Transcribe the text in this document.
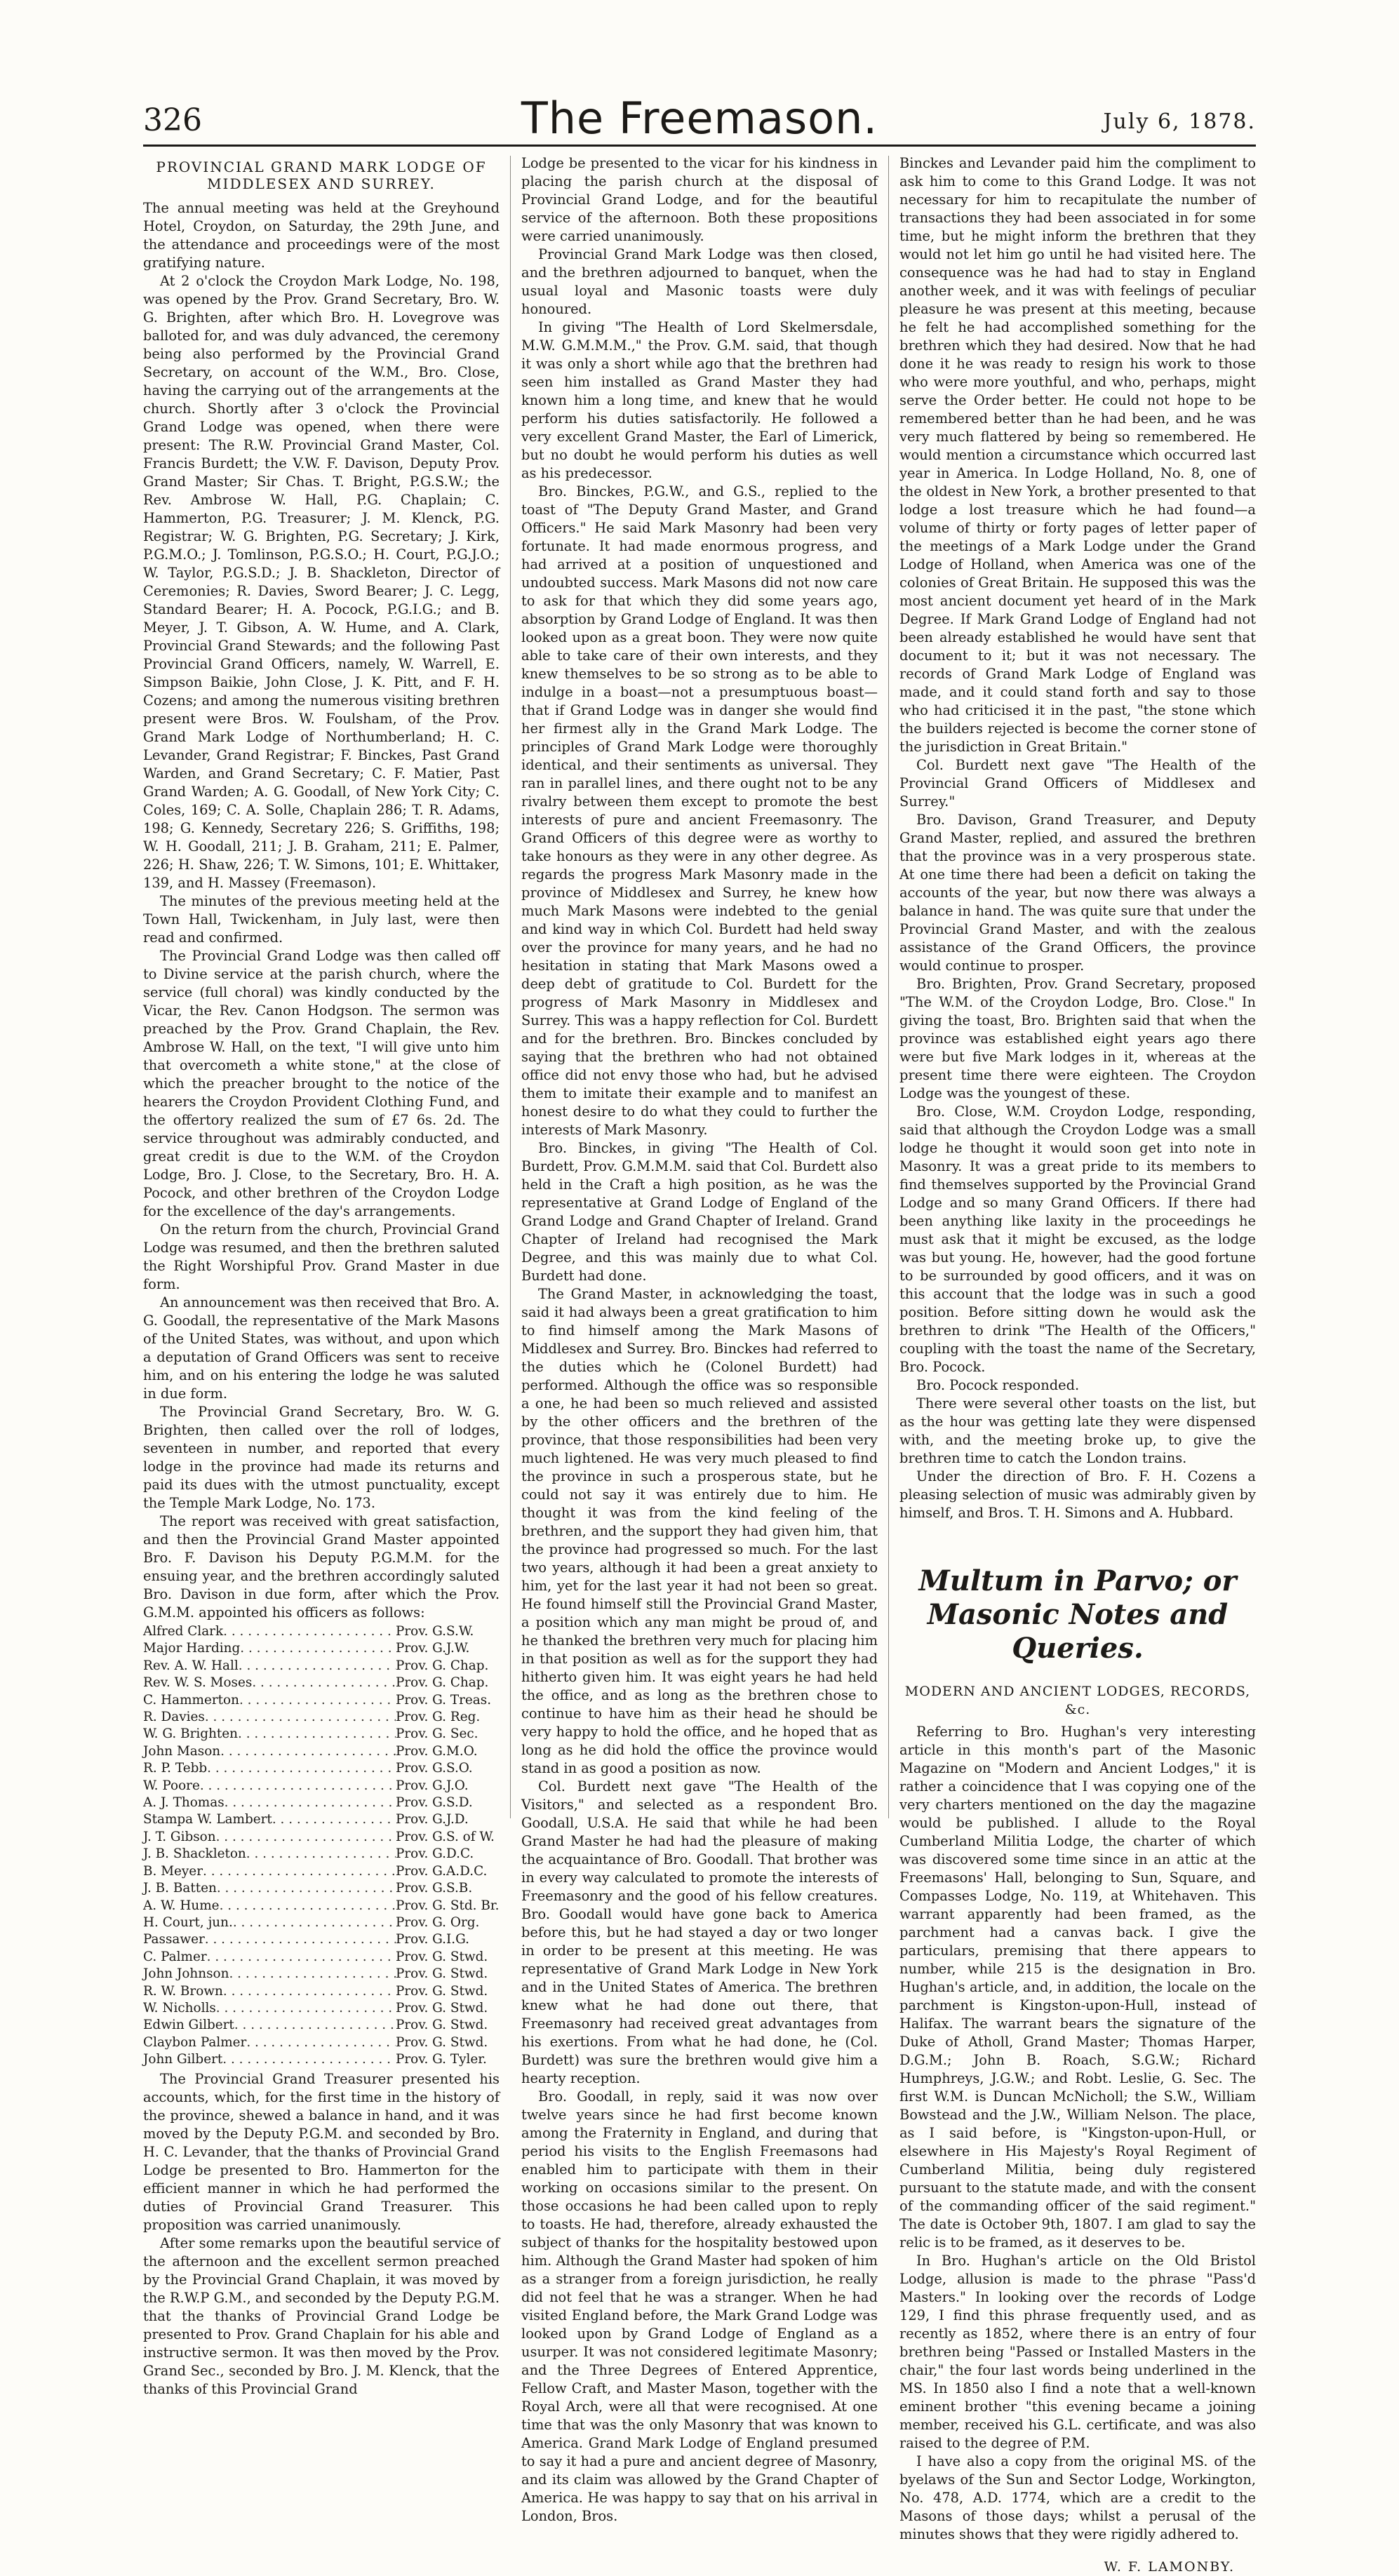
326	The Freemason.	July 6, 1878.
PROVINCIAL GRAND MARK LODGE OF MIDDLESEX AND SURREY.

The annual meeting was held at the Greyhound Hotel, Croydon, on Saturday, the 29th June, and the attendance and proceedings were of the most gratifying nature.

At 2 o'clock the Croydon Mark Lodge, No. 198, was opened by the Prov. Grand Secretary, Bro. W. G. Brighten, after which Bro. H. Lovegrove was balloted for, and was duly advanced, the ceremony being also performed by the Provincial Grand Secretary, on account of the W.M., Bro. Close, having the carrying out of the arrangements at the church. Shortly after 3 o'clock the Provincial Grand Lodge was opened, when there were present: The R.W. Provincial Grand Master, Col. Francis Burdett; the V.W. F. Davison, Deputy Prov. Grand Master; Sir Chas. T. Bright, P.G.S.W.; the Rev. Ambrose W. Hall, P.G. Chaplain; C. Hammerton, P.G. Treasurer; J. M. Klenck, P.G. Registrar; W. G. Brighten, P.G. Secretary; J. Kirk, P.G.M.O.; J. Tomlinson, P.G.S.O.; H. Court, P.G.J.O.; W. Taylor, P.G.S.D.; J. B. Shackleton, Director of Ceremonies; R. Davies, Sword Bearer; J. C. Legg, Standard Bearer; H. A. Pocock, P.G.I.G.; and B. Meyer, J. T. Gibson, A. W. Hume, and A. Clark, Provincial Grand Stewards; and the following Past Provincial Grand Officers, namely, W. Warrell, E. Simpson Baikie, John Close, J. K. Pitt, and F. H. Cozens; and among the numerous visiting brethren present were Bros. W. Foulsham, of the Prov. Grand Mark Lodge of Northumberland; H. C. Levander, Grand Registrar; F. Binckes, Past Grand Warden, and Grand Secretary; C. F. Matier, Past Grand Warden; A. G. Goodall, of New York City; C. Coles, 169; C. A. Solle, Chaplain 286; T. R. Adams, 198; G. Kennedy, Secretary 226; S. Griffiths, 198; W. H. Goodall, 211; J. B. Graham, 211; E. Palmer, 226; H. Shaw, 226; T. W. Simons, 101; E. Whittaker, 139, and H. Massey (Freemason).

The minutes of the previous meeting held at the Town Hall, Twickenham, in July last, were then read and confirmed.

The Provincial Grand Lodge was then called off to Divine service at the parish church, where the service (full choral) was kindly conducted by the Vicar, the Rev. Canon Hodgson. The sermon was preached by the Prov. Grand Chaplain, the Rev. Ambrose W. Hall, on the text, "I will give unto him that overcometh a white stone," at the close of which the preacher brought to the notice of the hearers the Croydon Provident Clothing Fund, and the offertory realized the sum of £7 6s. 2d. The service throughout was admirably conducted, and great credit is due to the W.M. of the Croydon Lodge, Bro. J. Close, to the Secretary, Bro. H. A. Pocock, and other brethren of the Croydon Lodge for the excellence of the day's arrangements.

On the return from the church, Provincial Grand Lodge was resumed, and then the brethren saluted the Right Worshipful Prov. Grand Master in due form.

An announcement was then received that Bro. A. G. Goodall, the representative of the Mark Masons of the United States, was without, and upon which a deputation of Grand Officers was sent to receive him, and on his entering the lodge he was saluted in due form.

The Provincial Grand Secretary, Bro. W. G. Brighten, then called over the roll of lodges, seventeen in number, and reported that every lodge in the province had made its returns and paid its dues with the utmost punctuality, except the Temple Mark Lodge, No. 173.

The report was received with great satisfaction, and then the Provincial Grand Master appointed Bro. F. Davison his Deputy P.G.M.M. for the ensuing year, and the brethren accordingly saluted Bro. Davison in due form, after which the Prov. G.M.M. appointed his officers as follows:

Alfred Clark . . .	Prov. G.S.W.
Major Harding . . .	Prov. G.J.W.
Rev. A. W. Hall . . .	Prov. G. Chap.
Rev. W. S. Moses . . .	Prov. G. Chap.
C. Hammerton . . .	Prov. G. Treas.
R. Davies . . .	Prov. G. Reg.
W. G. Brighten . . .	Prov. G. Sec.
John Mason . . .	Prov. G.M.O.
R. P. Tebb . . .	Prov. G.S.O.
W. Poore . . .	Prov. G.J.O.
A. J. Thomas . . .	Prov. G.S.D.
Stampa W. Lambert . . .	Prov. G.J.D.
J. T. Gibson . . .	Prov. G.S. of W.
J. B. Shackleton . . .	Prov. G.D.C.
B. Meyer . . .	Prov. G.A.D.C.
J. B. Batten . . .	Prov. G.S.B.
A. W. Hume . . .	Prov. G. Std. Br.
H. Court, jun. . . .	Prov. G. Org.
Passawer . . .	Prov. G.I.G.
C. Palmer . . .	Prov. G. Stwd.
John Johnson . . .	Prov. G. Stwd.
R. W. Brown . . .	Prov. G. Stwd.
W. Nicholls . . .	Prov. G. Stwd.
Edwin Gilbert . . .	Prov. G. Stwd.
Claybon Palmer . . .	Prov. G. Stwd.
John Gilbert . . .	Prov. G. Tyler.

The Provincial Grand Treasurer presented his accounts, which, for the first time in the history of the province, shewed a balance in hand, and it was moved by the Deputy P.G.M. and seconded by Bro. H. C. Levander, that the thanks of Provincial Grand Lodge be presented to Bro. Hammerton for the efficient manner in which he had performed the duties of Provincial Grand Treasurer. This proposition was carried unanimously.

After some remarks upon the beautiful service of the afternoon and the excellent sermon preached by the Provincial Grand Chaplain, it was moved by the R.W.P G.M., and seconded by the Deputy P.G.M. that the thanks of Provincial Grand Lodge be presented to Prov. Grand Chaplain for his able and instructive sermon. It was then moved by the Prov. Grand Sec., seconded by Bro. J. M. Klenck, that the thanks of this Provincial Grand

Lodge be presented to the vicar for his kindness in placing the parish church at the disposal of Provincial Grand Lodge, and for the beautiful service of the afternoon. Both these propositions were carried unanimously.

Provincial Grand Mark Lodge was then closed, and the brethren adjourned to banquet, when the usual loyal and Masonic toasts were duly honoured.

In giving "The Health of Lord Skelmersdale, M.W. G.M.M.M.," the Prov. G.M. said, that though it was only a short while ago that the brethren had seen him installed as Grand Master they had known him a long time, and knew that he would perform his duties satisfactorily. He followed a very excellent Grand Master, the Earl of Limerick, but no doubt he would perform his duties as well as his predecessor.

Bro. Binckes, P.G.W., and G.S., replied to the toast of "The Deputy Grand Master, and Grand Officers." He said Mark Masonry had been very fortunate. It had made enormous progress, and had arrived at a position of unquestioned and undoubted success. Mark Masons did not now care to ask for that which they did some years ago, absorption by Grand Lodge of England. It was then looked upon as a great boon. They were now quite able to take care of their own interests, and they knew themselves to be so strong as to be able to indulge in a boast—not a presumptuous boast—that if Grand Lodge was in danger she would find her firmest ally in the Grand Mark Lodge. The principles of Grand Mark Lodge were thoroughly identical, and their sentiments as universal. They ran in parallel lines, and there ought not to be any rivalry between them except to promote the best interests of pure and ancient Freemasonry. The Grand Officers of this degree were as worthy to take honours as they were in any other degree. As regards the progress Mark Masonry made in the province of Middlesex and Surrey, he knew how much Mark Masons were indebted to the genial and kind way in which Col. Burdett had held sway over the province for many years, and he had no hesitation in stating that Mark Masons owed a deep debt of gratitude to Col. Burdett for the progress of Mark Masonry in Middlesex and Surrey. This was a happy reflection for Col. Burdett and for the brethren. Bro. Binckes concluded by saying that the brethren who had not obtained office did not envy those who had, but he advised them to imitate their example and to manifest an honest desire to do what they could to further the interests of Mark Masonry.

Bro. Binckes, in giving "The Health of Col. Burdett, Prov. G.M.M.M. said that Col. Burdett also held in the Craft a high position, as he was the representative at Grand Lodge of England of the Grand Lodge and Grand Chapter of Ireland. Grand Chapter of Ireland had recognised the Mark Degree, and this was mainly due to what Col. Burdett had done.

The Grand Master, in acknowledging the toast, said it had always been a great gratification to him to find himself among the Mark Masons of Middlesex and Surrey. Bro. Binckes had referred to the duties which he (Colonel Burdett) had performed. Although the office was so responsible a one, he had been so much relieved and assisted by the other officers and the brethren of the province, that those responsibilities had been very much lightened. He was very much pleased to find the province in such a prosperous state, but he could not say it was entirely due to him. He thought it was from the kind feeling of the brethren, and the support they had given him, that the province had progressed so much. For the last two years, although it had been a great anxiety to him, yet for the last year it had not been so great. He found himself still the Provincial Grand Master, a position which any man might be proud of, and he thanked the brethren very much for placing him in that position as well as for the support they had hitherto given him. It was eight years he had held the office, and as long as the brethren chose to continue to have him as their head he should be very happy to hold the office, and he hoped that as long as he did hold the office the province would stand in as good a position as now.

Col. Burdett next gave "The Health of the Visitors," and selected as a respondent Bro. Goodall, U.S.A. He said that while he had been Grand Master he had had the pleasure of making the acquaintance of Bro. Goodall. That brother was in every way calculated to promote the interests of Freemasonry and the good of his fellow creatures. Bro. Goodall would have gone back to America before this, but he had stayed a day or two longer in order to be present at this meeting. He was representative of Grand Mark Lodge in New York and in the United States of America. The brethren knew what he had done out there, that Freemasonry had received great advantages from his exertions. From what he had done, he (Col. Burdett) was sure the brethren would give him a hearty reception.

Bro. Goodall, in reply, said it was now over twelve years since he had first become known among the Fraternity in England, and during that period his visits to the English Freemasons had enabled him to participate with them in their working on occasions similar to the present. On those occasions he had been called upon to reply to toasts. He had, therefore, already exhausted the subject of thanks for the hospitality bestowed upon him. Although the Grand Master had spoken of him as a stranger from a foreign jurisdiction, he really did not feel that he was a stranger. When he had visited England before, the Mark Grand Lodge was looked upon by Grand Lodge of England as a usurper. It was not considered legitimate Masonry; and the Three Degrees of Entered Apprentice, Fellow Craft, and Master Mason, together with the Royal Arch, were all that were recognised. At one time that was the only Masonry that was known to America. Grand Mark Lodge of England presumed to say it had a pure and ancient degree of Masonry, and its claim was allowed by the Grand Chapter of America. He was happy to say that on his arrival in London, Bros.

Binckes and Levander paid him the compliment to ask him to come to this Grand Lodge. It was not necessary for him to recapitulate the number of transactions they had been associated in for some time, but he might inform the brethren that they would not let him go until he had visited here. The consequence was he had had to stay in England another week, and it was with feelings of peculiar pleasure he was present at this meeting, because he felt he had accomplished something for the brethren which they had desired. Now that he had done it he was ready to resign his work to those who were more youthful, and who, perhaps, might serve the Order better. He could not hope to be remembered better than he had been, and he was very much flattered by being so remembered. He would mention a circumstance which occurred last year in America. In Lodge Holland, No. 8, one of the oldest in New York, a brother presented to that lodge a lost treasure which he had found—a volume of thirty or forty pages of letter paper of the meetings of a Mark Lodge under the Grand Lodge of Holland, when America was one of the colonies of Great Britain. He supposed this was the most ancient document yet heard of in the Mark Degree. If Mark Grand Lodge of England had not been already established he would have sent that document to it; but it was not necessary. The records of Grand Mark Lodge of England was made, and it could stand forth and say to those who had criticised it in the past, "the stone which the builders rejected is become the corner stone of the jurisdiction in Great Britain."

Col. Burdett next gave "The Health of the Provincial Grand Officers of Middlesex and Surrey."

Bro. Davison, Grand Treasurer, and Deputy Grand Master, replied, and assured the brethren that the province was in a very prosperous state. At one time there had been a deficit on taking the accounts of the year, but now there was always a balance in hand. The was quite sure that under the Provincial Grand Master, and with the zealous assistance of the Grand Officers, the province would continue to prosper.

Bro. Brighten, Prov. Grand Secretary, proposed "The W.M. of the Croydon Lodge, Bro. Close." In giving the toast, Bro. Brighten said that when the province was established eight years ago there were but five Mark lodges in it, whereas at the present time there were eighteen. The Croydon Lodge was the youngest of these.

Bro. Close, W.M. Croydon Lodge, responding, said that although the Croydon Lodge was a small lodge he thought it would soon get into note in Masonry. It was a great pride to its members to find themselves supported by the Provincial Grand Lodge and so many Grand Officers. If there had been anything like laxity in the proceedings he must ask that it might be excused, as the lodge was but young. He, however, had the good fortune to be surrounded by good officers, and it was on this account that the lodge was in such a good position. Before sitting down he would ask the brethren to drink "The Health of the Officers," coupling with the toast the name of the Secretary, Bro. Pocock.

Bro. Pocock responded.

There were several other toasts on the list, but as the hour was getting late they were dispensed with, and the meeting broke up, to give the brethren time to catch the London trains.

Under the direction of Bro. F. H. Cozens a pleasing selection of music was admirably given by himself, and Bros. T. H. Simons and A. Hubbard.

Multum in Parvo; or Masonic Notes and Queries.
MODERN AND ANCIENT LODGES, RECORDS, &c.

Referring to Bro. Hughan's very interesting article in this month's part of the Masonic Magazine on "Modern and Ancient Lodges," it is rather a coincidence that I was copying one of the very charters mentioned on the day the magazine would be published. I allude to the Royal Cumberland Militia Lodge, the charter of which was discovered some time since in an attic at the Freemasons' Hall, belonging to Sun, Square, and Compasses Lodge, No. 119, at Whitehaven. This warrant apparently had been framed, as the parchment had a canvas back. I give the particulars, premising that there appears to number, while 215 is the designation in Bro. Hughan's article, and, in addition, the locale on the parchment is Kingston-upon-Hull, instead of Halifax. The warrant bears the signature of the Duke of Atholl, Grand Master; Thomas Harper, D.G.M.; John B. Roach, S.G.W.; Richard Humphreys, J.G.W.; and Robt. Leslie, G. Sec. The first W.M. is Duncan McNicholl; the S.W., William Bowstead and the J.W., William Nelson. The place, as I said before, is "Kingston-upon-Hull, or elsewhere in His Majesty's Royal Regiment of Cumberland Militia, being duly registered pursuant to the statute made, and with the consent of the commanding officer of the said regiment." The date is October 9th, 1807. I am glad to say the relic is to be framed, as it deserves to be.

In Bro. Hughan's article on the Old Bristol Lodge, allusion is made to the phrase "Pass'd Masters." In looking over the records of Lodge 129, I find this phrase frequently used, and as recently as 1852, where there is an entry of four brethren being "Passed or Installed Masters in the chair," the four last words being underlined in the MS. In 1850 also I find a note that a well-known eminent brother "this evening became a joining member, received his G.L. certificate, and was also raised to the degree of P.M.

I have also a copy from the original MS. of the byelaws of the Sun and Sector Lodge, Workington, No. 478, A.D. 1774, which are a credit to the Masons of those days; whilst a perusal of the minutes shows that they were rigidly adhered to.

W. F. LAMONBY.
